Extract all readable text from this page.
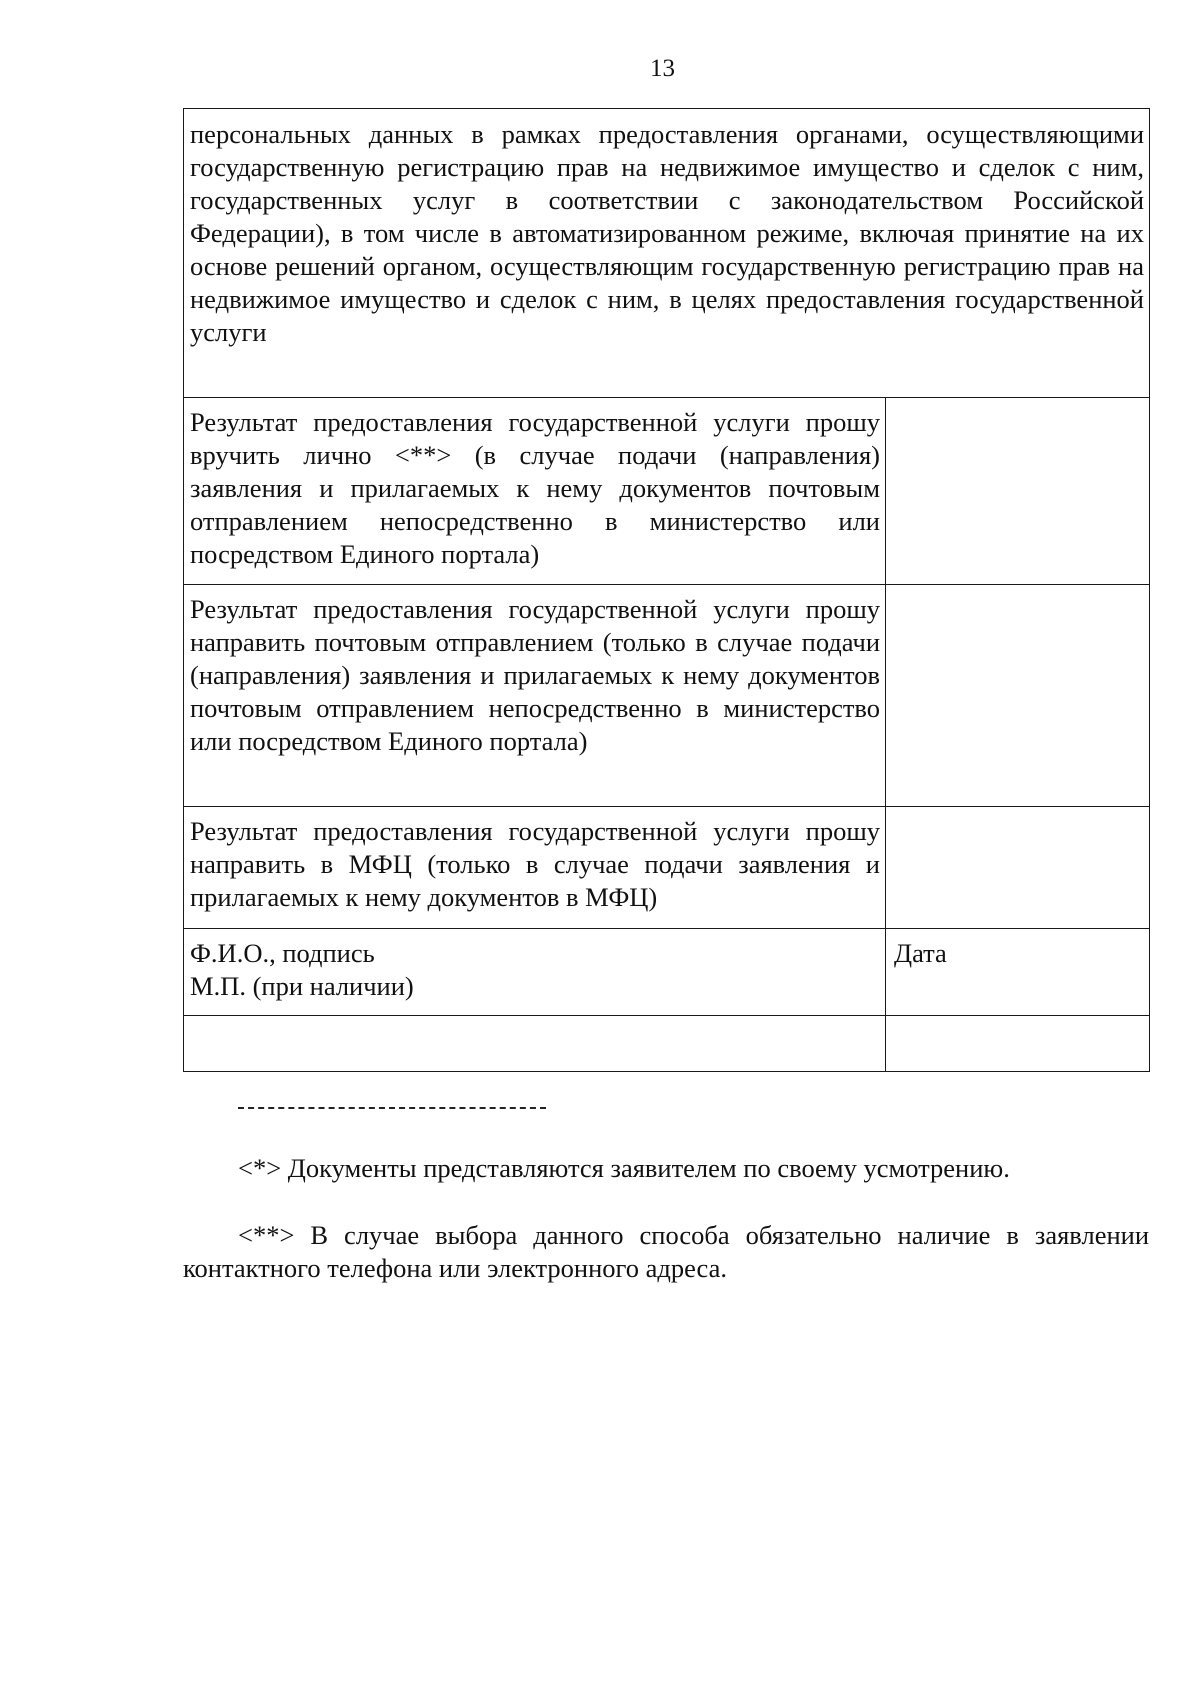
13
персональных данных в рамках предоставления органами, осуществляющими государственную регистрацию прав на недвижимое имущество и сделок с ним, государственных услуг в соответствии с законодательством Российской Федерации), в том числе в автоматизированном режиме, включая принятие на их основе решений органом, осуществляющим государственную регистрацию прав на недвижимое имущество и сделок с ним, в целях предоставления государственной услуги	
Результат предоставления государственной услуги прошу вручить лично <**> (в случае подачи (направления) заявления и прилагаемых к нему документов почтовым отправлением непосредственно в министерство или посредством Единого портала)	
Результат предоставления государственной услуги прошу направить почтовым отправлением (только в случае подачи (направления) заявления и прилагаемых к нему документов почтовым отправлением непосредственно в министерство или посредством Единого портала)	
Результат предоставления государственной услуги прошу направить в МФЦ (только в случае подачи заявления и прилагаемых к нему документов в МФЦ)	

Ф.И.О., подпись
М.П. (при наличии)	Дата

<*> Документы представляются заявителем по своему усмотрению.

<**> В случае выбора данного способа обязательно наличие в заявлении контактного телефона или электронного адреса.
